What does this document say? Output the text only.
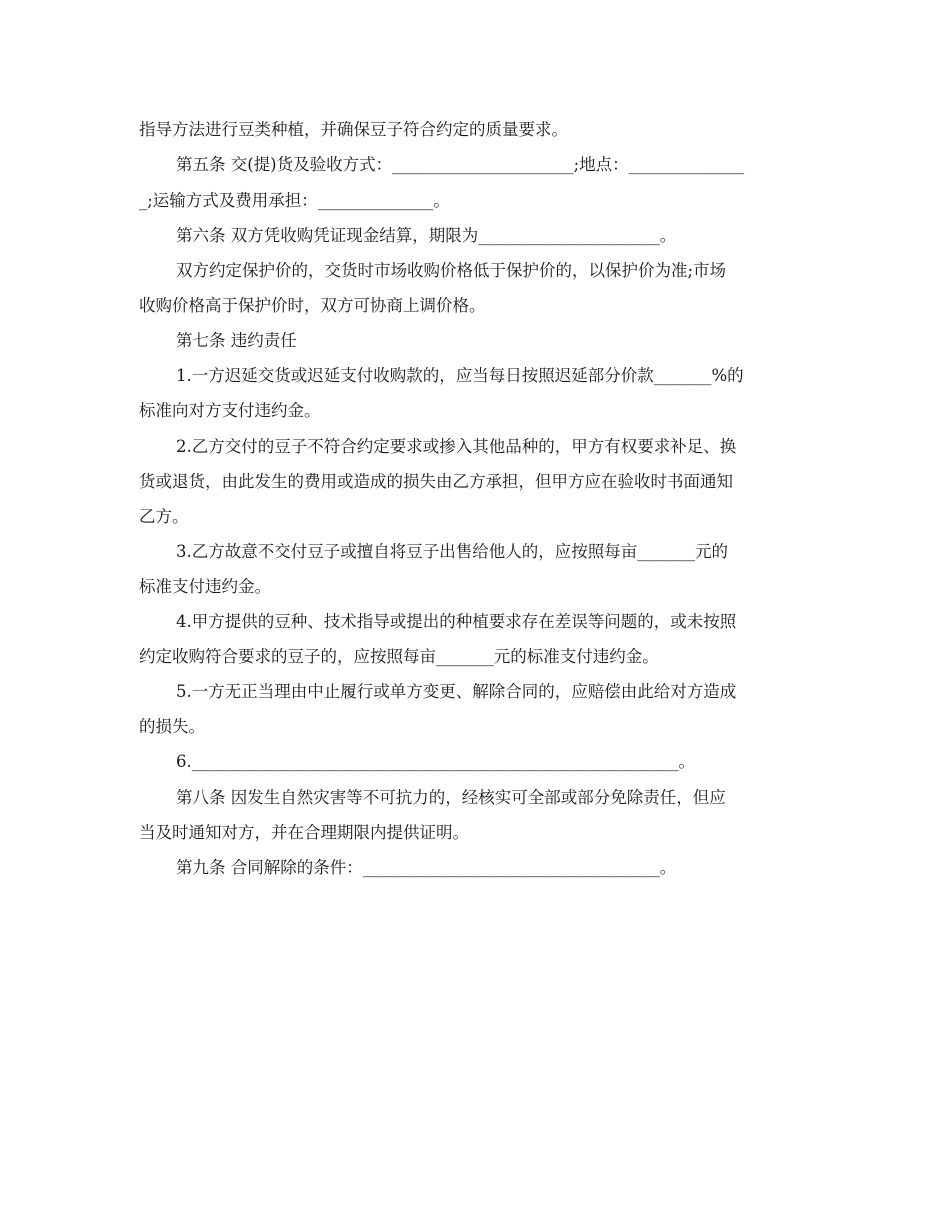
指导方法进行豆类种植，并确保豆子符合约定的质量要求。
第五条 交(提)货及验收方式：______________________;地点：______________
_;运输方式及费用承担：______________。
第六条 双方凭收购凭证现金结算，期限为______________________。
双方约定保护价的，交货时市场收购价格低于保护价的，以保护价为准;市场
收购价格高于保护价时，双方可协商上调价格。
第七条 违约责任
1.一方迟延交货或迟延支付收购款的，应当每日按照迟延部分价款_______%的
标准向对方支付违约金。
2.乙方交付的豆子不符合约定要求或掺入其他品种的，甲方有权要求补足、换
货或退货，由此发生的费用或造成的损失由乙方承担，但甲方应在验收时书面通知
乙方。
3.乙方故意不交付豆子或擅自将豆子出售给他人的，应按照每亩_______元的
标准支付违约金。
4.甲方提供的豆种、技术指导或提出的种植要求存在差误等问题的，或未按照
约定收购符合要求的豆子的，应按照每亩_______元的标准支付违约金。
5.一方无正当理由中止履行或单方变更、解除合同的，应赔偿由此给对方造成
的损失。
6.___________________________________________________________。
第八条 因发生自然灾害等不可抗力的，经核实可全部或部分免除责任，但应
当及时通知对方，并在合理期限内提供证明。
第九条 合同解除的条件：____________________________________。
